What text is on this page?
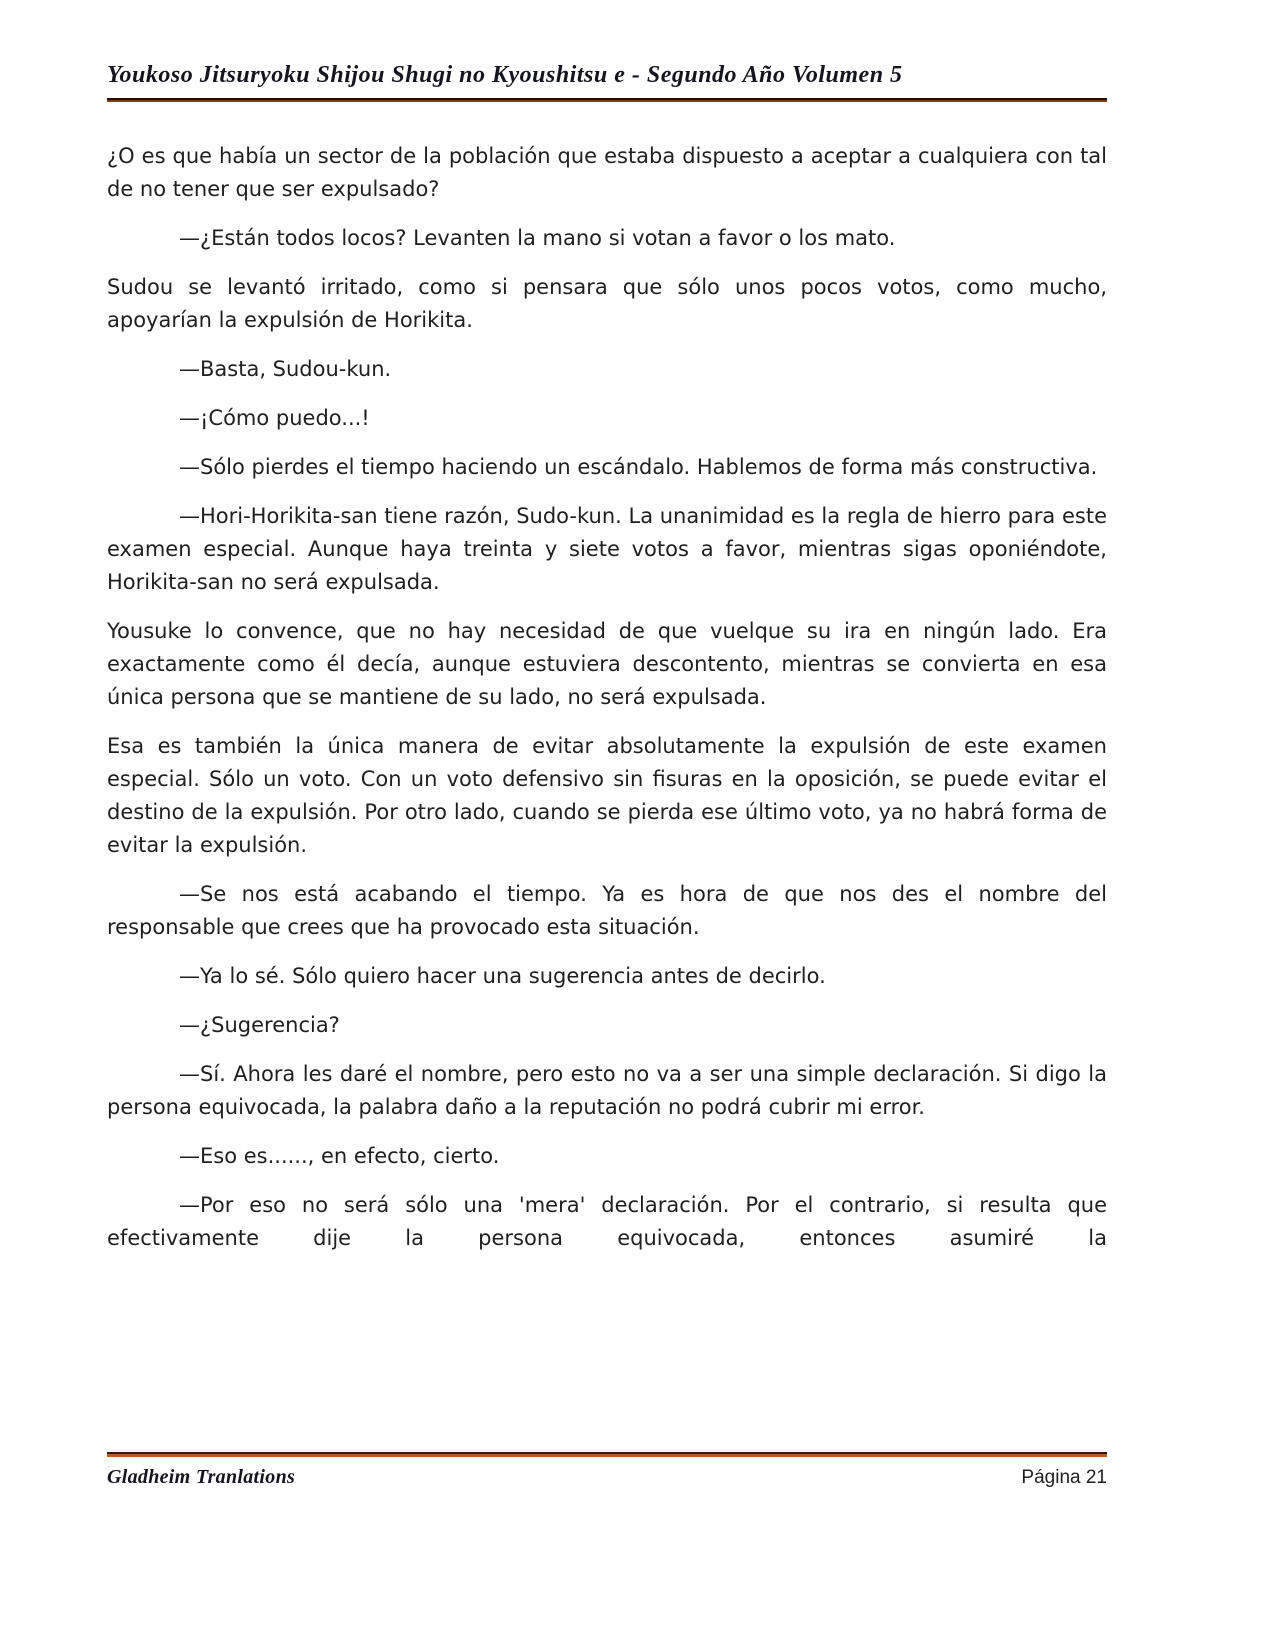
Youkoso Jitsuryoku Shijou Shugi no Kyoushitsu e - Segundo Año Volumen 5

¿O es que había un sector de la población que estaba dispuesto a aceptar a cualquiera con tal de no tener que ser expulsado?

—¿Están todos locos? Levanten la mano si votan a favor o los mato.

Sudou se levantó irritado, como si pensara que sólo unos pocos votos, como mucho, apoyarían la expulsión de Horikita.

—Basta, Sudou-kun.

—¡Cómo puedo...!

—Sólo pierdes el tiempo haciendo un escándalo. Hablemos de forma más constructiva.

—Hori-Horikita-san tiene razón, Sudo-kun. La unanimidad es la regla de hierro para este examen especial. Aunque haya treinta y siete votos a favor, mientras sigas oponiéndote, Horikita-san no será expulsada.

Yousuke lo convence, que no hay necesidad de que vuelque su ira en ningún lado. Era exactamente como él decía, aunque estuviera descontento, mientras se convierta en esa única persona que se mantiene de su lado, no será expulsada.

Esa es también la única manera de evitar absolutamente la expulsión de este examen especial. Sólo un voto. Con un voto defensivo sin fisuras en la oposición, se puede evitar el destino de la expulsión. Por otro lado, cuando se pierda ese último voto, ya no habrá forma de evitar la expulsión.

—Se nos está acabando el tiempo. Ya es hora de que nos des el nombre del responsable que crees que ha provocado esta situación.

—Ya lo sé. Sólo quiero hacer una sugerencia antes de decirlo.

—¿Sugerencia?

—Sí. Ahora les daré el nombre, pero esto no va a ser una simple declaración. Si digo la persona equivocada, la palabra daño a la reputación no podrá cubrir mi error.

—Eso es......, en efecto, cierto.

—Por eso no será sólo una 'mera' declaración. Por el contrario, si resulta que efectivamente dije la persona equivocada, entonces asumiré la

Gladheim Tranlations	Página 21
